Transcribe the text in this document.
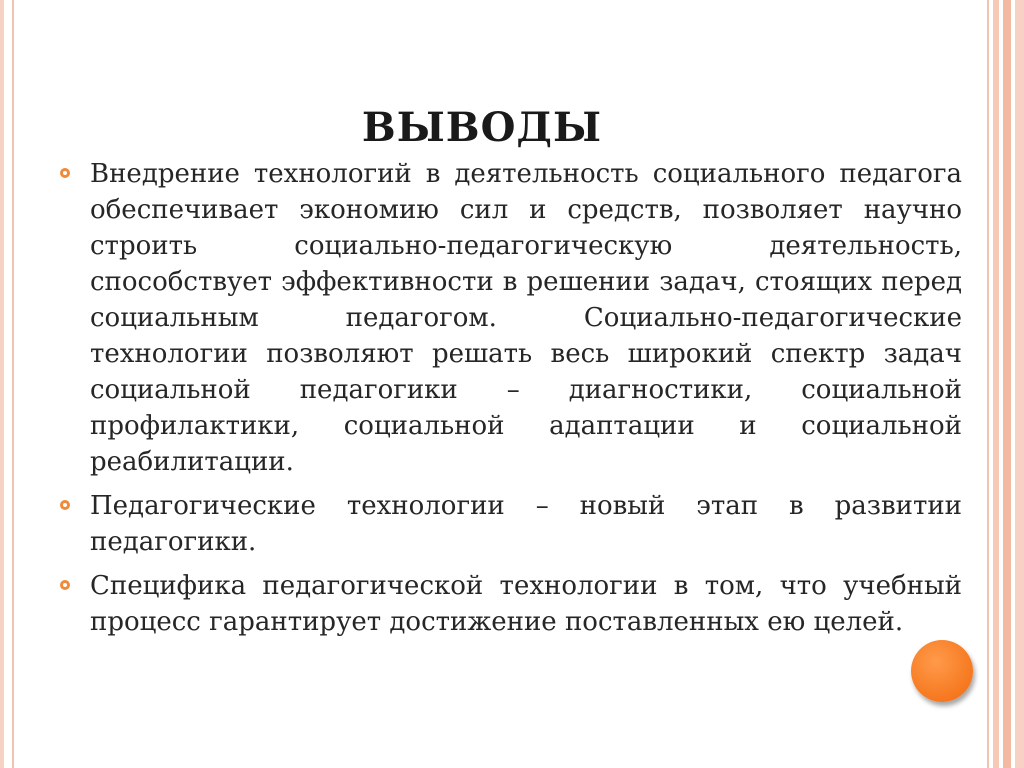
ВЫВОДЫ
Внедрение технологий в деятельность социального педагога обеспечивает экономию сил и средств, позволяет научно строить социально-педагогическую деятельность, способствует эффективности в решении задач, стоящих перед социальным педагогом. Социально-педагогические технологии позволяют решать весь широкий спектр задач социальной педагогики – диагностики, социальной профилактики, социальной адаптации и социальной реабилитации.
Педагогические технологии – новый этап в развитии педагогики.
Специфика педагогической технологии в том, что учебный процесс гарантирует достижение поставленных ею целей.
